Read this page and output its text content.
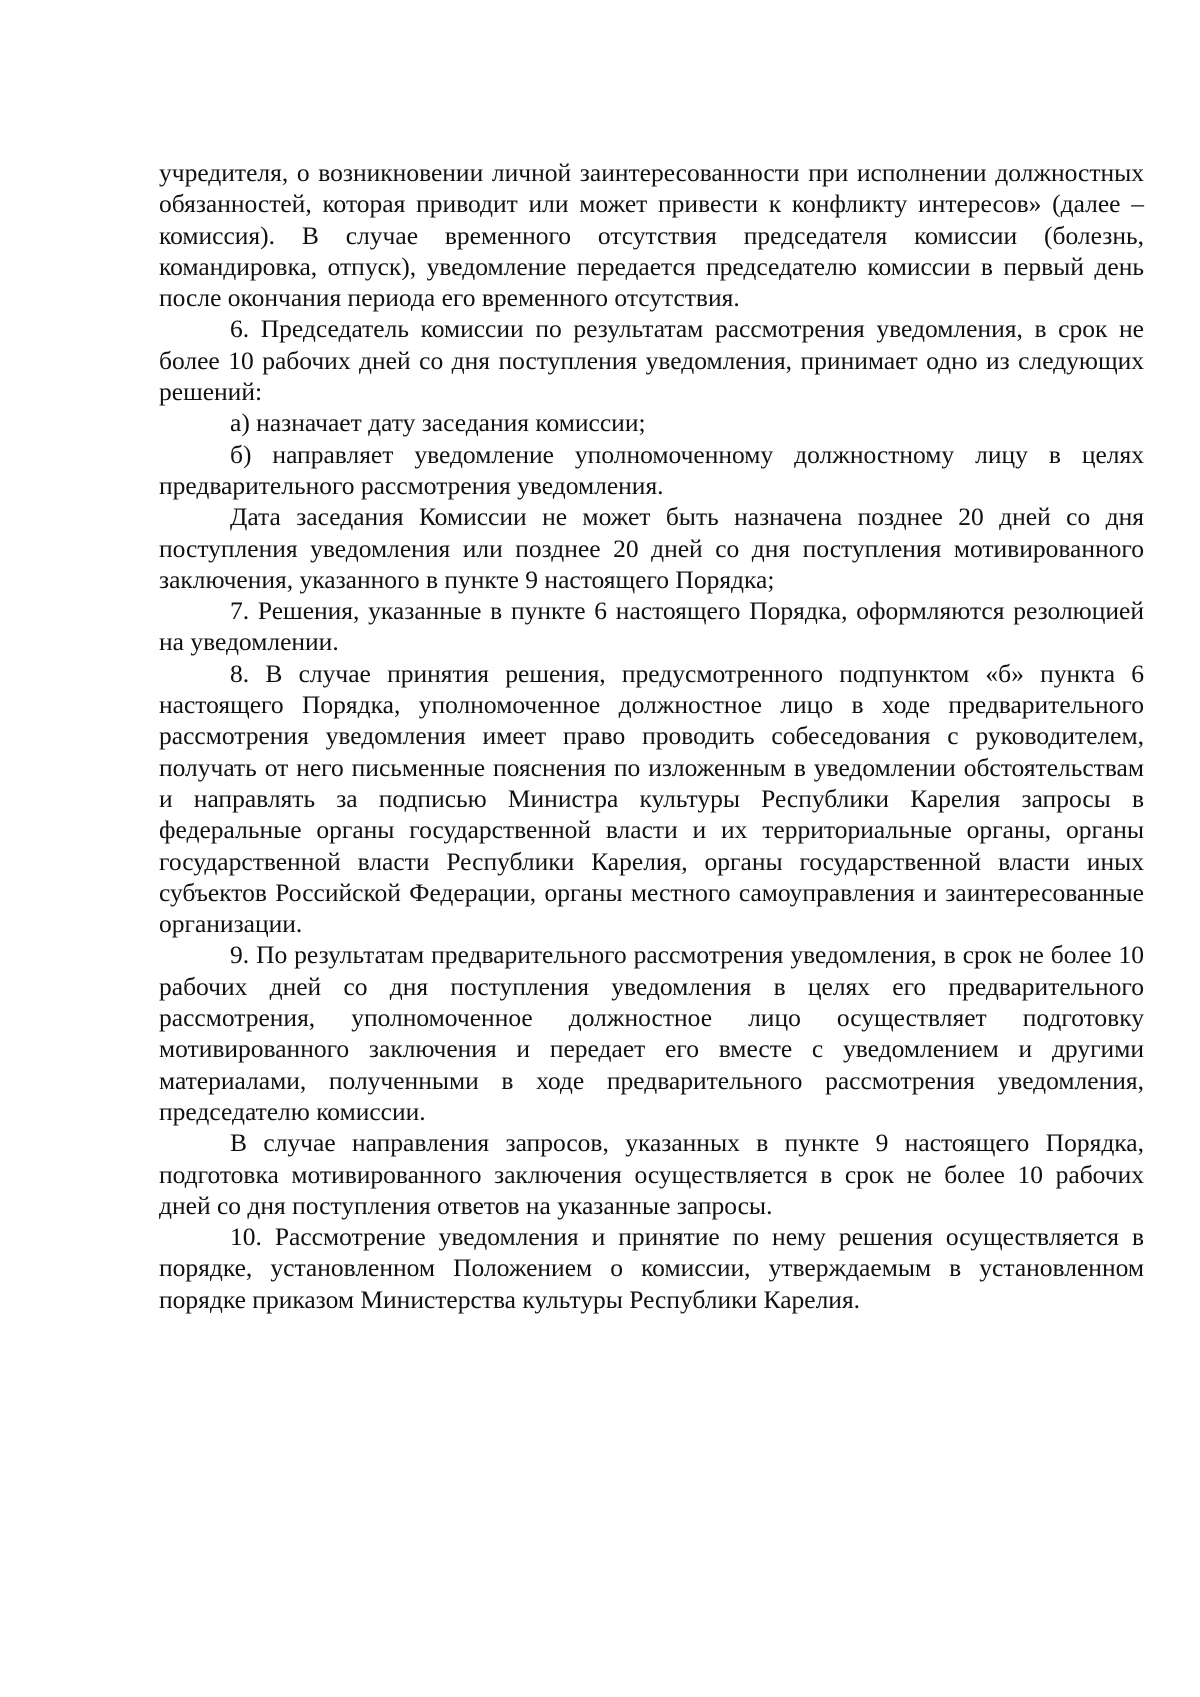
учредителя, о возникновении личной заинтересованности при исполнении должностных обязанностей, которая приводит или может привести к конфликту интересов» (далее – комиссия). В случае временного отсутствия председателя комиссии (болезнь, командировка, отпуск), уведомление передается председателю комиссии в первый день после окончания периода его временного отсутствия.

6. Председатель комиссии по результатам рассмотрения уведомления, в срок не более 10 рабочих дней со дня поступления уведомления, принимает одно из следующих решений:

а) назначает дату заседания комиссии;

б) направляет уведомление уполномоченному должностному лицу в целях предварительного рассмотрения уведомления.

Дата заседания Комиссии не может быть назначена позднее 20 дней со дня поступления уведомления или позднее 20 дней со дня поступления мотивированного заключения, указанного в пункте 9 настоящего Порядка;

7. Решения, указанные в пункте 6 настоящего Порядка, оформляются резолюцией на уведомлении.

8. В случае принятия решения, предусмотренного подпунктом «б» пункта 6 настоящего Порядка, уполномоченное должностное лицо в ходе предварительного рассмотрения уведомления имеет право проводить собеседования с руководителем, получать от него письменные пояснения по изложенным в уведомлении обстоятельствам и направлять за подписью Министра культуры Республики Карелия запросы в федеральные органы государственной власти и их территориальные органы, органы государственной власти Республики Карелия, органы государственной власти иных субъектов Российской Федерации, органы местного самоуправления и заинтересованные организации.

9. По результатам предварительного рассмотрения уведомления, в срок не более 10 рабочих дней со дня поступления уведомления в целях его предварительного рассмотрения, уполномоченное должностное лицо осуществляет подготовку мотивированного заключения и передает его вместе с уведомлением и другими материалами, полученными в ходе предварительного рассмотрения уведомления, председателю комиссии.

В случае направления запросов, указанных в пункте 9 настоящего Порядка, подготовка мотивированного заключения осуществляется в срок не более 10 рабочих дней со дня поступления ответов на указанные запросы.

10. Рассмотрение уведомления и принятие по нему решения осуществляется в порядке, установленном Положением о комиссии, утверждаемым в установленном порядке приказом Министерства культуры Республики Карелия.
